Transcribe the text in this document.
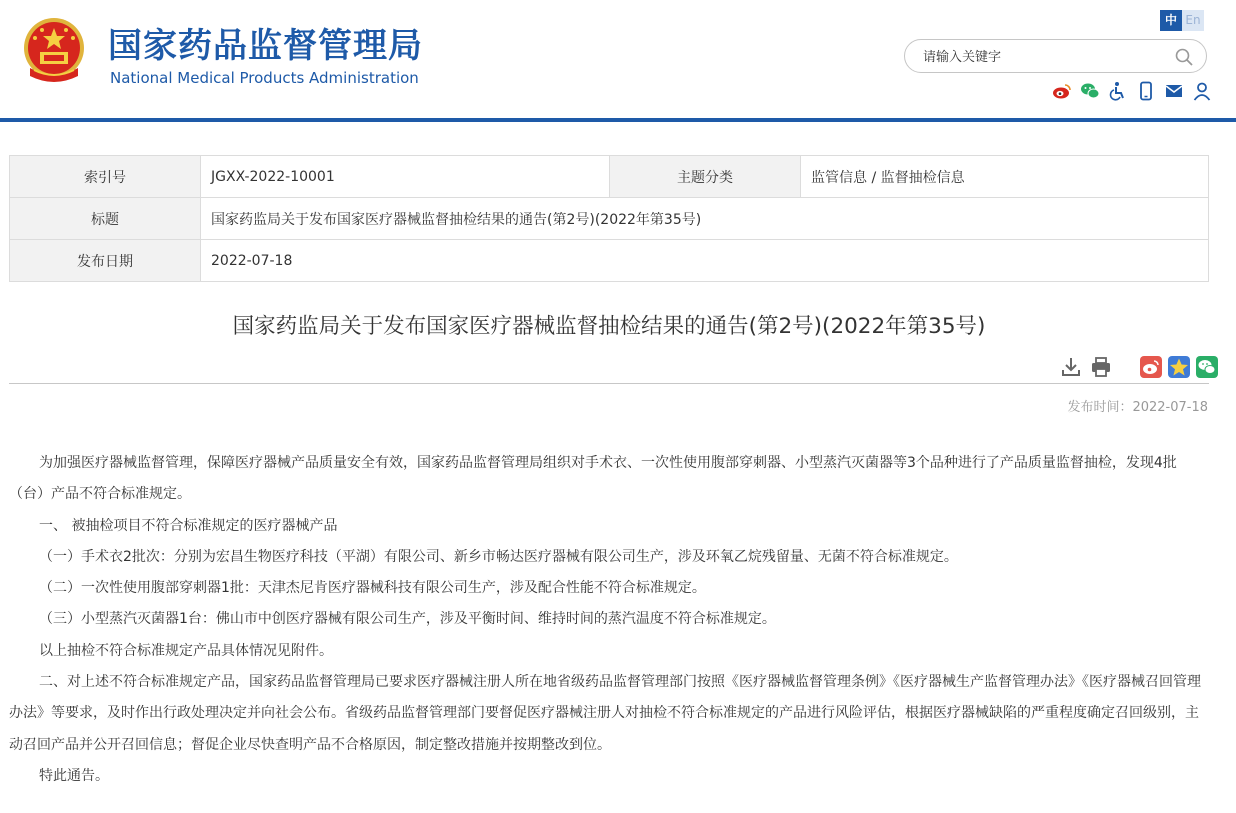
国家药品监督管理局
National Medical Products Administration
中 En
请输入关键字
索引号	JGXX-2022-10001	主题分类	监管信息 / 监督抽检信息
标题	国家药监局关于发布国家医疗器械监督抽检结果的通告(第2号)(2022年第35号)		
发布日期	2022-07-18		
国家药监局关于发布国家医疗器械监督抽检结果的通告(第2号)(2022年第35号)
发布时间：2022-07-18

为加强医疗器械监督管理，保障医疗器械产品质量安全有效，国家药品监督管理局组织对手术衣、一次性使用腹部穿刺器、小型蒸汽灭菌器等3个品种进行了产品质量监督抽检，发现4批（台）产品不符合标准规定。

一、 被抽检项目不符合标准规定的医疗器械产品

（一）手术衣2批次：分别为宏昌生物医疗科技（平湖）有限公司、新乡市畅达医疗器械有限公司生产，涉及环氧乙烷残留量、无菌不符合标准规定。

（二）一次性使用腹部穿刺器1批：天津杰尼肯医疗器械科技有限公司生产，涉及配合性能不符合标准规定。

（三）小型蒸汽灭菌器1台：佛山市中创医疗器械有限公司生产，涉及平衡时间、维持时间的蒸汽温度不符合标准规定。

以上抽检不符合标准规定产品具体情况见附件。

二、对上述不符合标准规定产品，国家药品监督管理局已要求医疗器械注册人所在地省级药品监督管理部门按照《医疗器械监督管理条例》《医疗器械生产监督管理办法》《医疗器械召回管理办法》等要求，及时作出行政处理决定并向社会公布。省级药品监督管理部门要督促医疗器械注册人对抽检不符合标准规定的产品进行风险评估，根据医疗器械缺陷的严重程度确定召回级别，主动召回产品并公开召回信息；督促企业尽快查明产品不合格原因，制定整改措施并按期整改到位。

特此通告。
